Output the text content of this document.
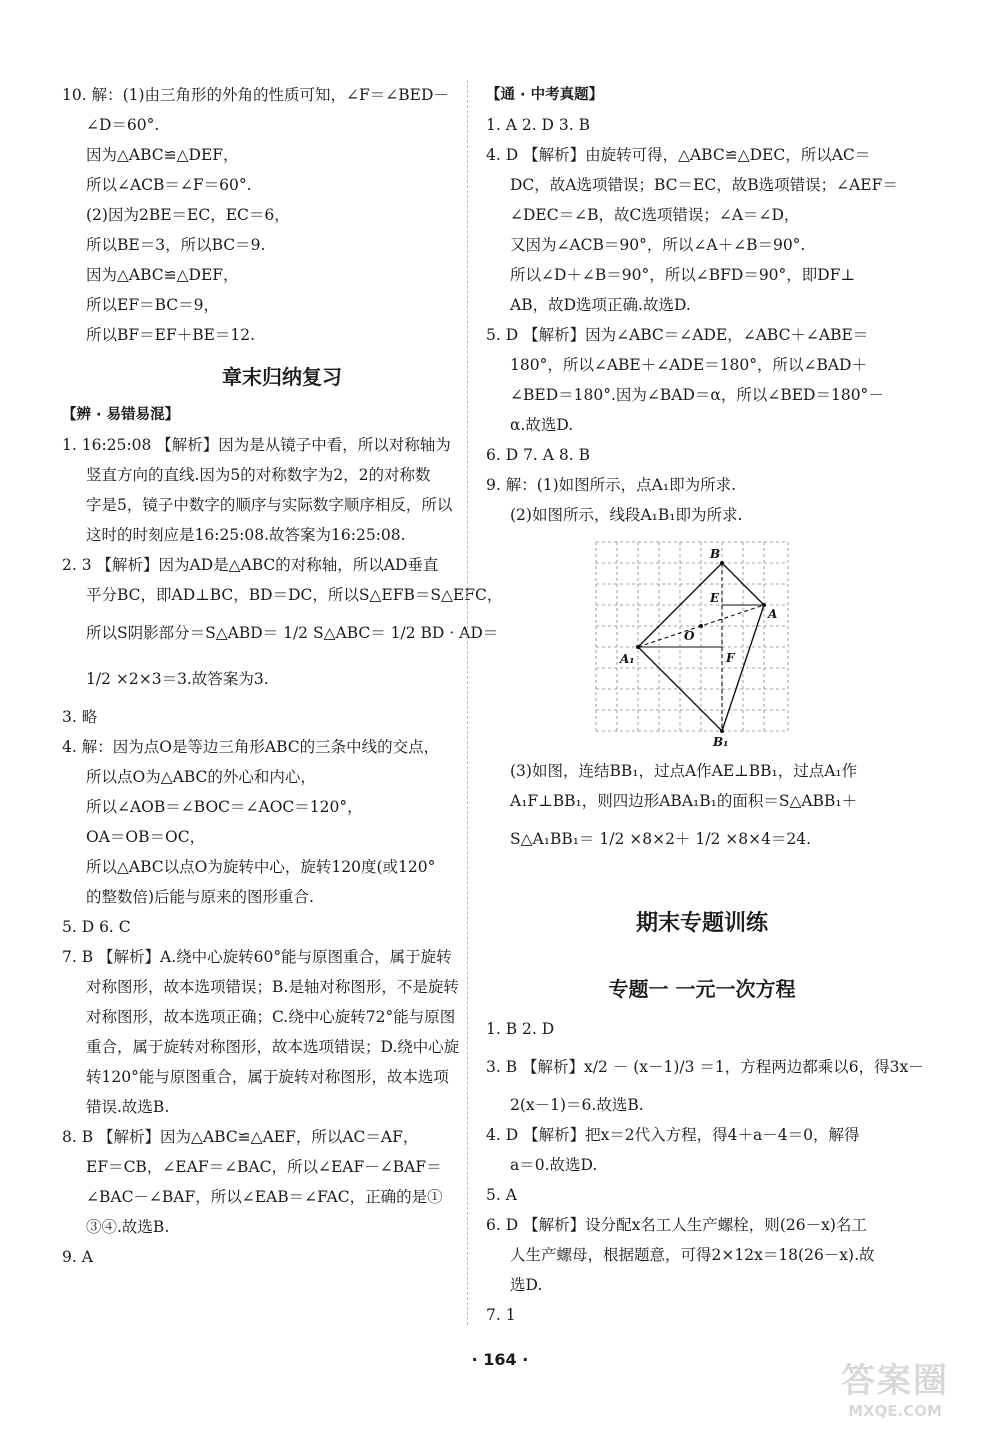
10. 解：(1)由三角形的外角的性质可知，∠F＝∠BED－
∠D＝60°.
因为△ABC≌△DEF，
所以∠ACB＝∠F＝60°.
(2)因为2BE＝EC，EC＝6，
所以BE＝3，所以BC＝9.
因为△ABC≌△DEF，
所以EF＝BC＝9，
所以BF＝EF＋BE＝12.
章末归纳复习
【辨 · 易错易混】
1. 16:25:08 【解析】因为是从镜子中看，所以对称轴为
竖直方向的直线.因为5的对称数字为2，2的对称数
字是5，镜子中数字的顺序与实际数字顺序相反，所以
这时的时刻应是16:25:08.故答案为16:25:08.
2. 3 【解析】因为AD是△ABC的对称轴，所以AD垂直
平分BC，即AD⊥BC，BD＝DC，所以S△EFB＝S△EFC，
所以S阴影部分＝S△ABD＝ 1/2 S△ABC＝ 1/2 BD · AD＝
1/2 ×2×3＝3.故答案为3.
3. 略
4. 解：因为点O是等边三角形ABC的三条中线的交点，
所以点O为△ABC的外心和内心，
所以∠AOB＝∠BOC＝∠AOC＝120°，
OA＝OB＝OC，
所以△ABC以点O为旋转中心，旋转120度(或120°
的整数倍)后能与原来的图形重合.
5. D 6. C
7. B 【解析】A.绕中心旋转60°能与原图重合，属于旋转
对称图形，故本选项错误；B.是轴对称图形，不是旋转
对称图形，故本选项正确；C.绕中心旋转72°能与原图
重合，属于旋转对称图形，故本选项错误；D.绕中心旋
转120°能与原图重合，属于旋转对称图形，故本选项
错误.故选B.
8. B 【解析】因为△ABC≌△AEF，所以AC＝AF，
EF＝CB，∠EAF＝∠BAC，所以∠EAF－∠BAF＝
∠BAC－∠BAF，所以∠EAB＝∠FAC，正确的是①
③④.故选B.
9. A
【通 · 中考真题】
1. A 2. D 3. B
4. D 【解析】由旋转可得，△ABC≌△DEC，所以AC＝
DC，故A选项错误；BC＝EC，故B选项错误；∠AEF＝
∠DEC＝∠B，故C选项错误；∠A＝∠D，
又因为∠ACB＝90°，所以∠A＋∠B＝90°.
所以∠D＋∠B＝90°，所以∠BFD＝90°，即DF⊥
AB，故D选项正确.故选D.
5. D 【解析】因为∠ABC＝∠ADE，∠ABC＋∠ABE＝
180°，所以∠ABE＋∠ADE＝180°，所以∠BAD＋
∠BED＝180°.因为∠BAD＝α，所以∠BED＝180°－
α.故选D.
6. D 7. A 8. B
9. 解：(1)如图所示，点A₁即为所求.
(2)如图所示，线段A₁B₁即为所求.
B
E
A
O
A₁	F
B₁
(3)如图，连结BB₁，过点A作AE⊥BB₁，过点A₁作
A₁F⊥BB₁，则四边形ABA₁B₁的面积＝S△ABB₁＋
S△A₁BB₁＝ 1/2 ×8×2＋ 1/2 ×8×4＝24.
期末专题训练
专题一 一元一次方程
1. B 2. D
3. B 【解析】x/2 － (x－1)/3 ＝1，方程两边都乘以6，得3x－
2(x－1)＝6.故选B.
4. D 【解析】把x＝2代入方程，得4＋a－4＝0，解得
a＝0.故选D.
5. A
6. D 【解析】设分配x名工人生产螺栓，则(26－x)名工
人生产螺母，根据题意，可得2×12x＝18(26－x).故
选D.
7. 1
· 164 ·
答案圈
MXQE.COM
